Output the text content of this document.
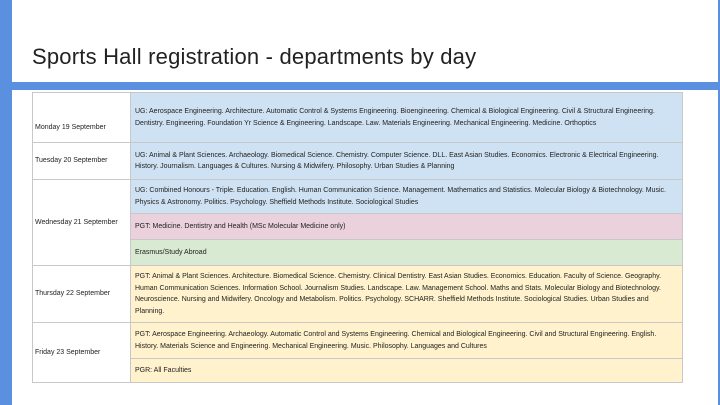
Sports Hall registration - departments by day
Monday 19 September	UG: Aerospace Engineering. Architecture. Automatic Control & Systems Engineering. Bioengineering. Chemical & Biological Engineering. Civil & Structural Engineering. Dentistry. Engineering. Foundation Yr Science & Engineering. Landscape. Law. Materials Engineering. Mechanical Engineering. Medicine. Orthoptics
Tuesday 20 September	UG: Animal & Plant Sciences. Archaeology. Biomedical Science. Chemistry. Computer Science. DLL. East Asian Studies. Economics. Electronic & Electrical Engineering. History. Journalism. Languages & Cultures. Nursing & Midwifery. Philosophy. Urban Studies & Planning
Wednesday 21 September	UG: Combined Honours - Triple. Education. English. Human Communication Science. Management. Mathematics and Statistics. Molecular Biology & Biotechnology. Music. Physics & Astronomy. Politics. Psychology. Sheffield Methods Institute. Sociological Studies
	PGT: Medicine. Dentistry and Health (MSc Molecular Medicine only)
	Erasmus/Study Abroad
Thursday 22 September	PGT: Animal & Plant Sciences. Architecture. Biomedical Science. Chemistry. Clinical Dentistry. East Asian Studies. Economics. Education. Faculty of Science. Geography. Human Communication Sciences. Information School. Journalism Studies. Landscape. Law. Management School. Maths and Stats. Molecular Biology and Biotechnology. Neuroscience. Nursing and Midwifery. Oncology and Metabolism. Politics. Psychology. SCHARR. Sheffield Methods Institute. Sociological Studies. Urban Studies and Planning.
Friday 23 September	PGT: Aerospace Engineering. Archaeology. Automatic Control and Systems Engineering. Chemical and Biological Engineering. Civil and Structural Engineering. English. History. Materials Science and Engineering. Mechanical Engineering. Music. Philosophy. Languages and Cultures
	PGR: All Faculties
